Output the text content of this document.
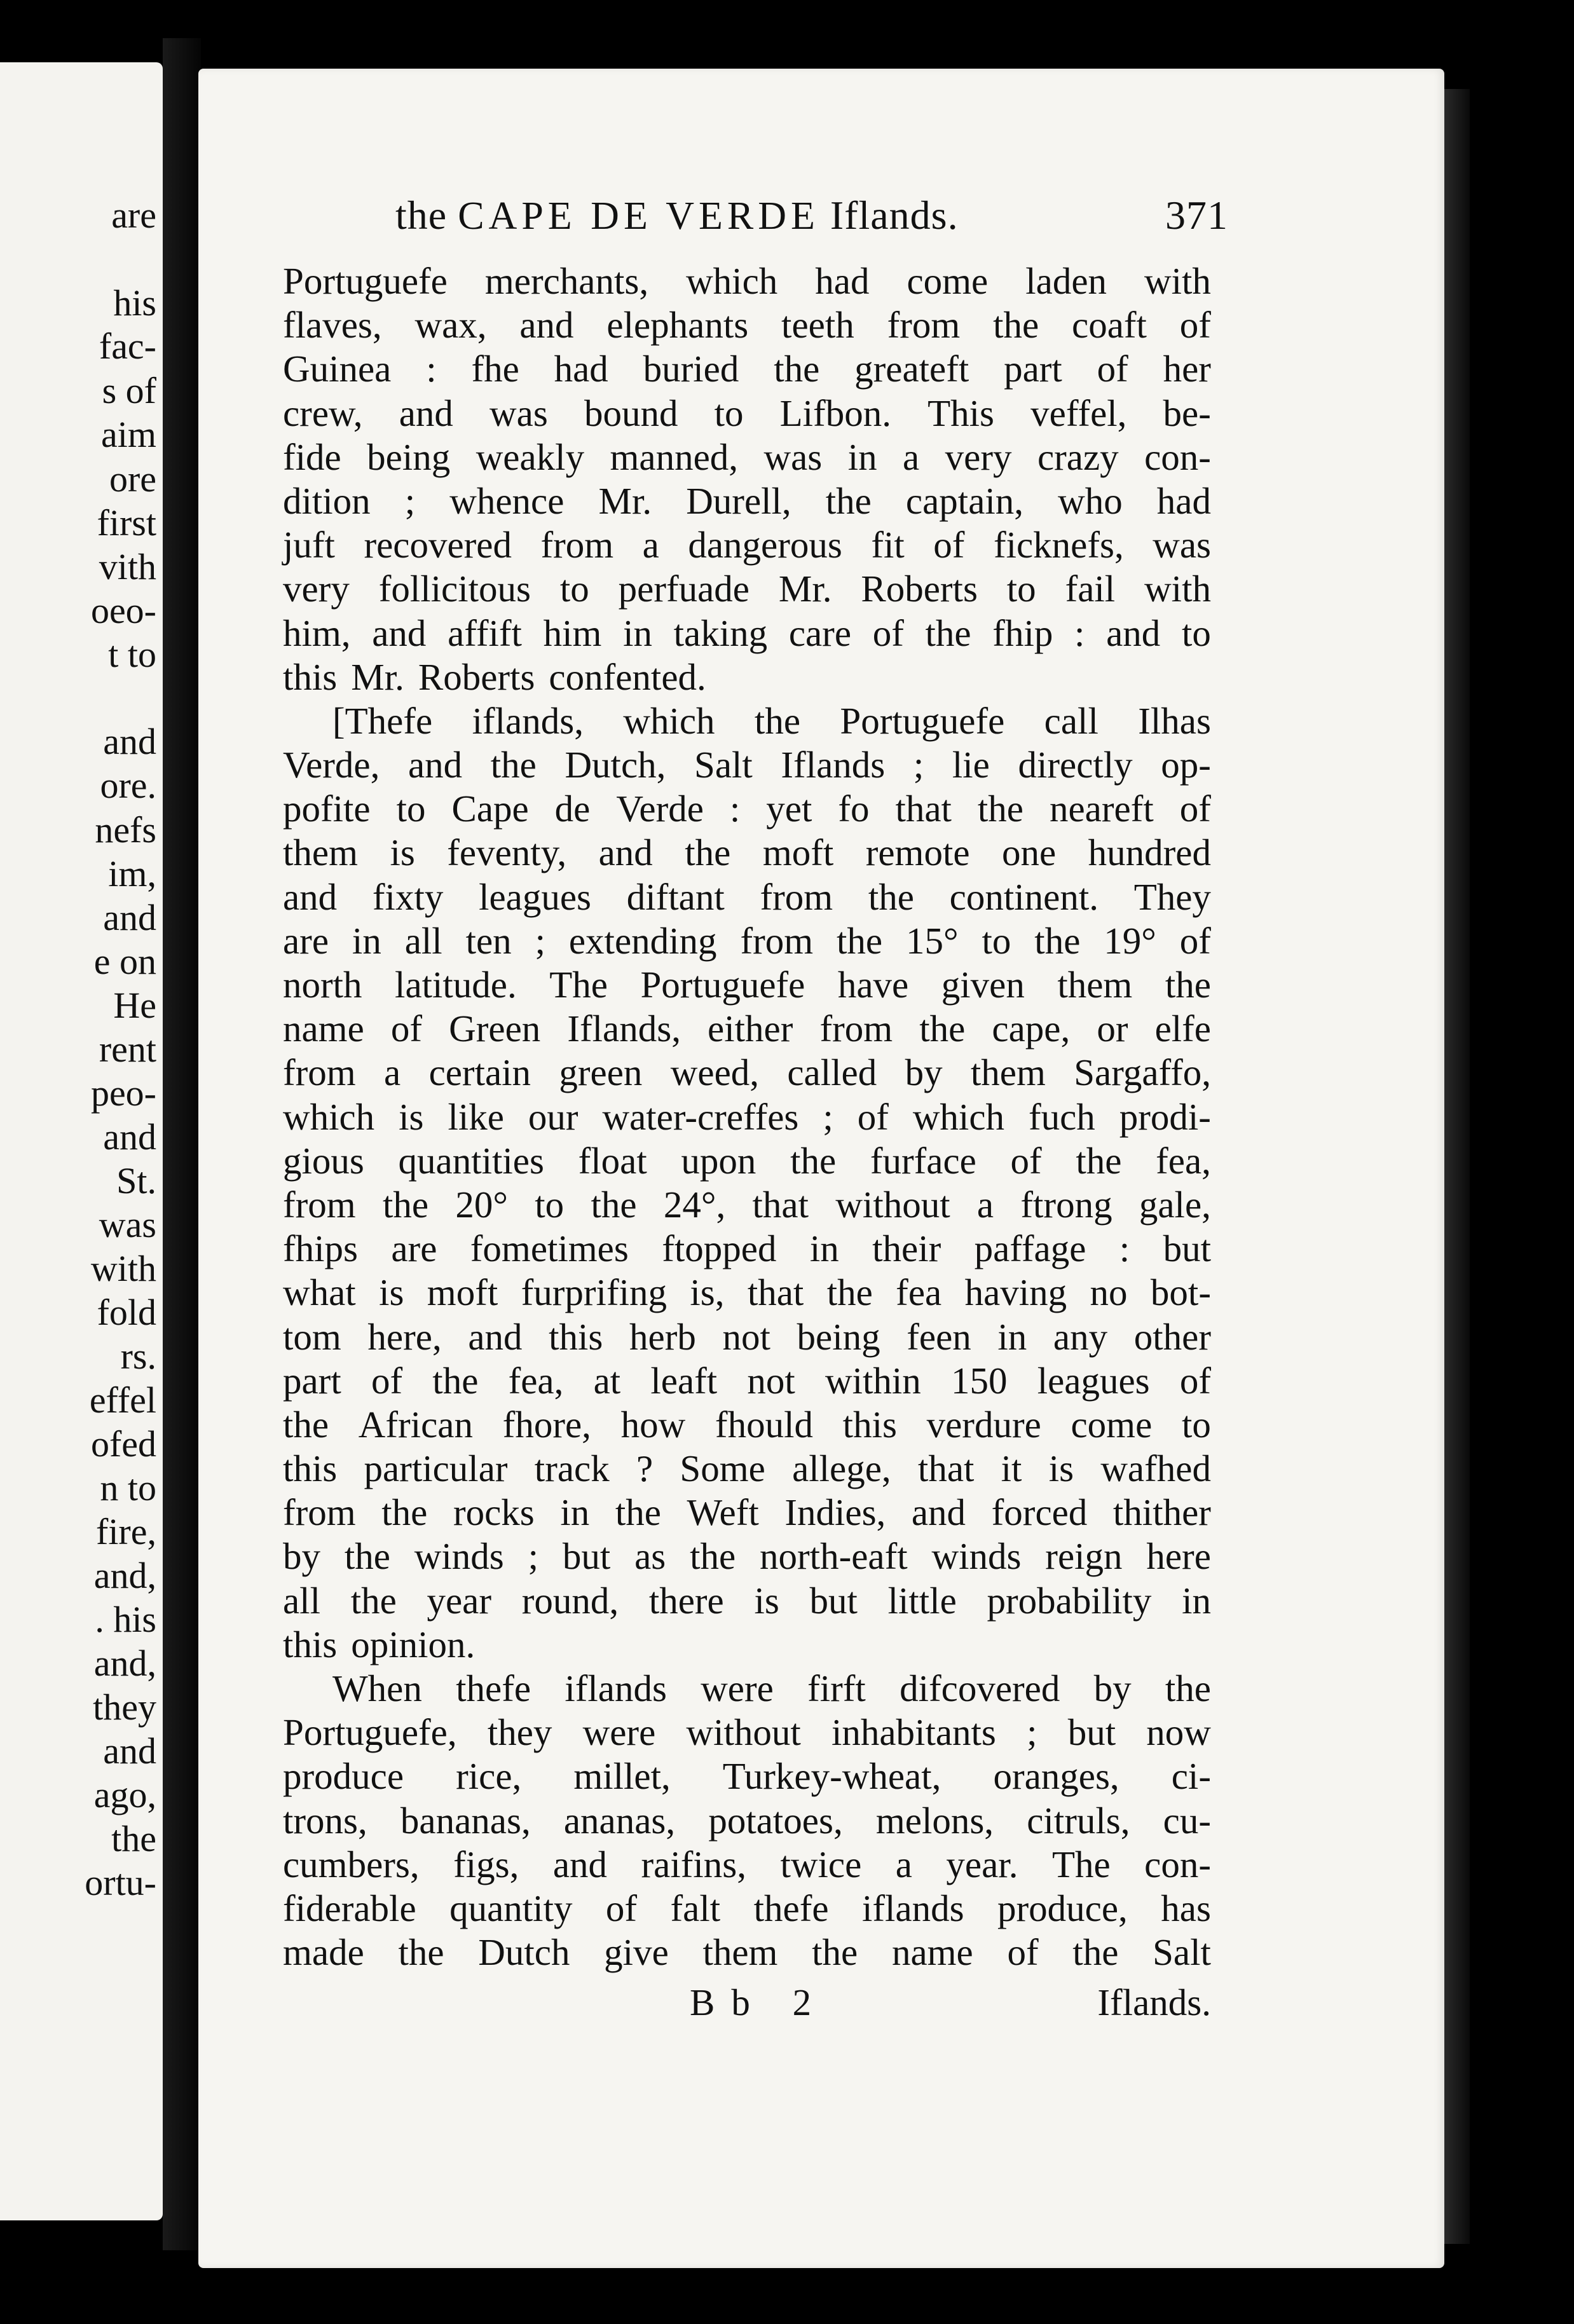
are
his
fac-
s of
aim
ore
first
vith
oeo-
t to
and
ore.
nefs
im,
and
e on
He
rent
peo-
and
St.
was
with
fold
rs.
effel
ofed
n to
fire,
and,
. his
and,
they
and
ago,
the
ortu-
the CAPE DE VERDE Iflands.	371
Portuguefe merchants, which had come laden with
flaves, wax, and elephants teeth from the coaft of
Guinea : fhe had buried the greateft part of her
crew, and was bound to Lifbon. This veffel, be-
fide being weakly manned, was in a very crazy con-
dition ; whence Mr. Durell, the captain, who had
juft recovered from a dangerous fit of ficknefs, was
very follicitous to perfuade Mr. Roberts to fail with
him, and affift him in taking care of the fhip : and to
this Mr. Roberts confented.
[Thefe iflands, which the Portuguefe call Ilhas
Verde, and the Dutch, Salt Iflands ; lie directly op-
pofite to Cape de Verde : yet fo that the neareft of
them is feventy, and the moft remote one hundred
and fixty leagues diftant from the continent. They
are in all ten ; extending from the 15° to the 19° of
north latitude. The Portuguefe have given them the
name of Green Iflands, either from the cape, or elfe
from a certain green weed, called by them Sargaffo,
which is like our water-creffes ; of which fuch prodi-
gious quantities float upon the furface of the fea,
from the 20° to the 24°, that without a ftrong gale,
fhips are fometimes ftopped in their paffage : but
what is moft furprifing is, that the fea having no bot-
tom here, and this herb not being feen in any other
part of the fea, at leaft not within 150 leagues of
the African fhore, how fhould this verdure come to
this particular track ? Some allege, that it is wafhed
from the rocks in the Weft Indies, and forced thither
by the winds ; but as the north-eaft winds reign here
all the year round, there is but little probability in
this opinion.
When thefe iflands were firft difcovered by the
Portuguefe, they were without inhabitants ; but now
produce rice, millet, Turkey-wheat, oranges, ci-
trons, bananas, ananas, potatoes, melons, citruls, cu-
cumbers, figs, and raifins, twice a year. The con-
fiderable quantity of falt thefe iflands produce, has
made the Dutch give them the name of the Salt
Bb 2	Iflands.
